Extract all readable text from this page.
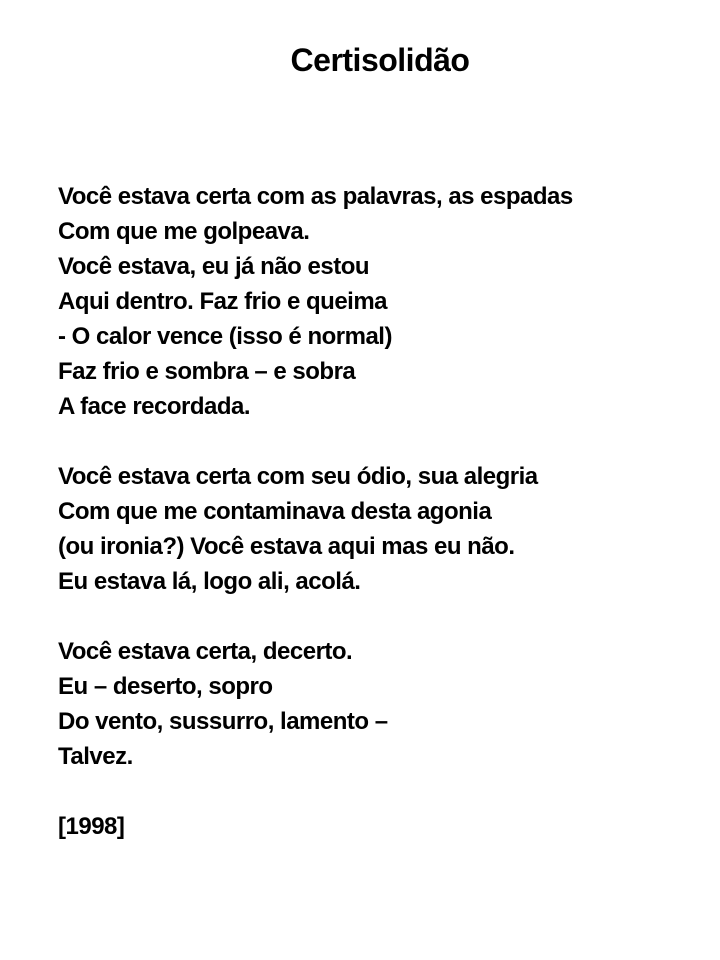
Certisolidão
Você estava certa com as palavras, as espadas
Com que me golpeava.
Você estava, eu já não estou
Aqui dentro. Faz frio e queima
- O calor vence (isso é normal)
Faz frio e sombra – e sobra
A face recordada.
Você estava certa com seu ódio, sua alegria
Com que me contaminava desta agonia
(ou ironia?) Você estava aqui mas eu não.
Eu estava lá, logo ali, acolá.
Você estava certa, decerto.
Eu – deserto, sopro
Do vento, sussurro, lamento –
Talvez.
[1998]
